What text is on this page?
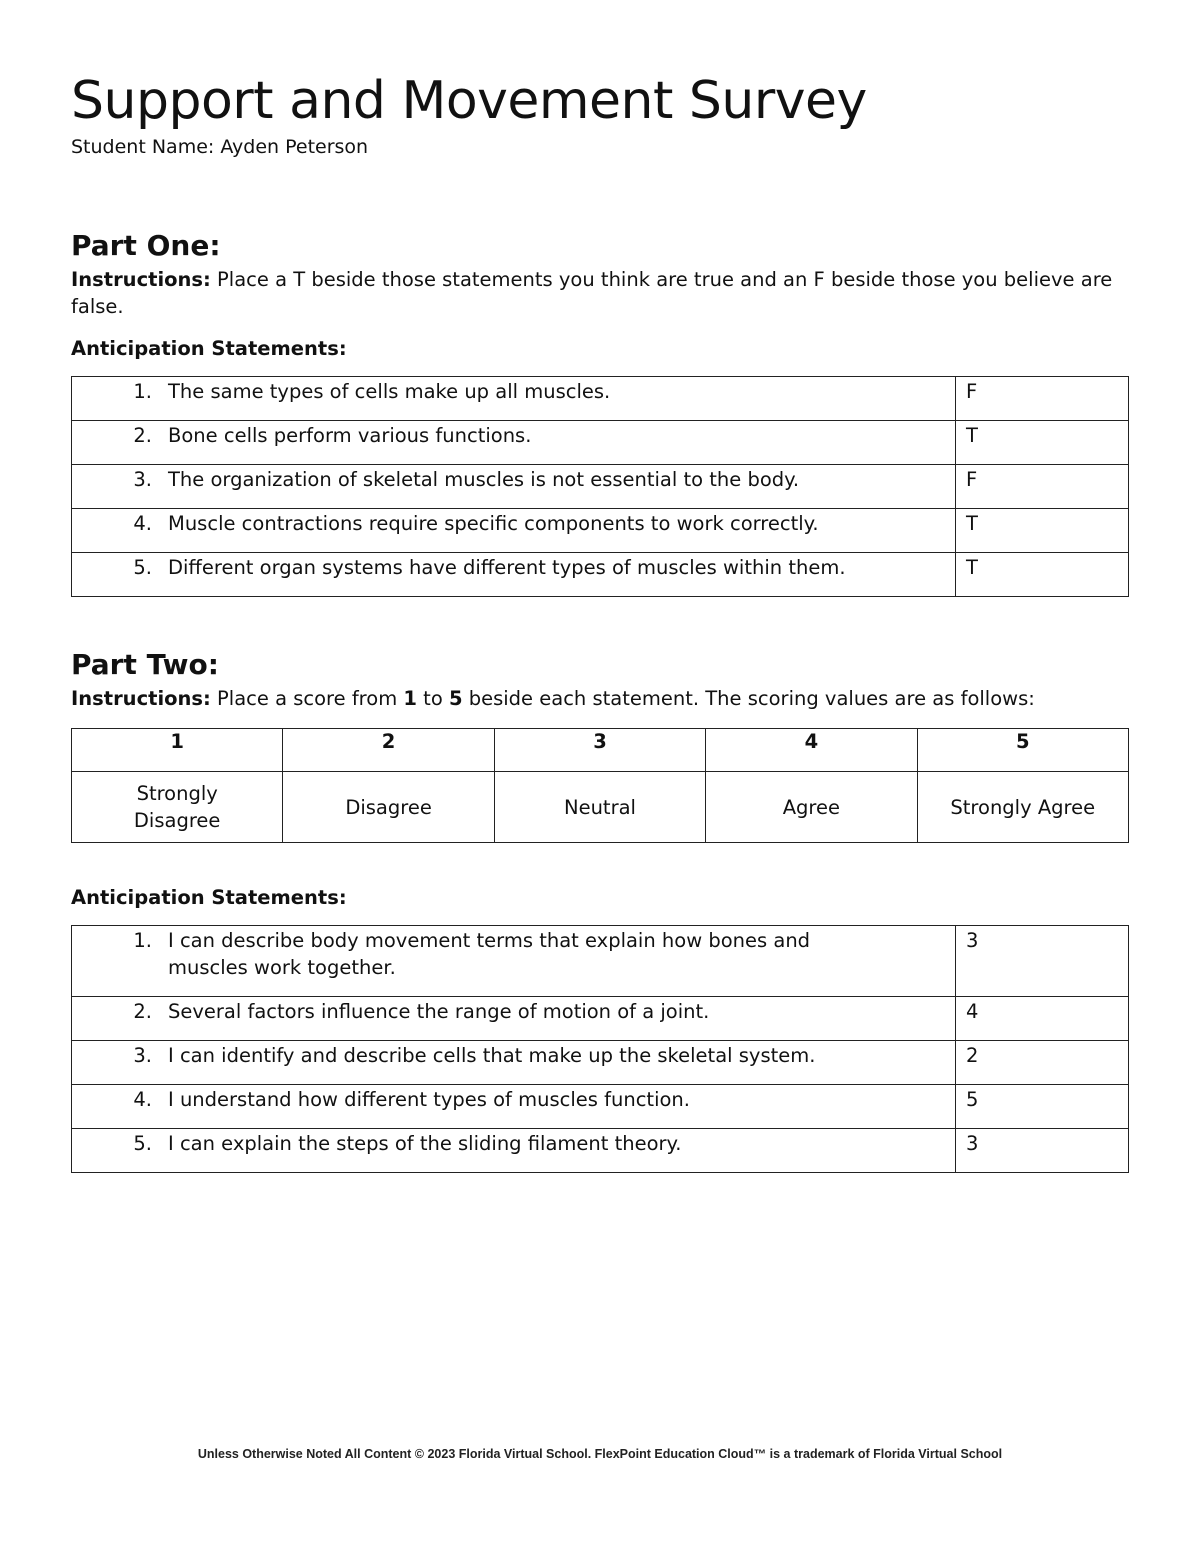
Support and Movement Survey
Student Name: Ayden Peterson
Part One:

Instructions: Place a T beside those statements you think are true and an F beside those you believe are false.

Anticipation Statements:

1. The same types of cells make up all muscles.	F

2. Bone cells perform various functions.	T

3. The organization of skeletal muscles is not essential to the body.	F

4. Muscle contractions require specific components to work correctly.	T

5. Different organ systems have different types of muscles within them.	T
Part Two:

Instructions: Place a score from 1 to 5 beside each statement. The scoring values are as follows:

1	2	3	4	5

Strongly Disagree	Disagree	Neutral	Agree	Strongly Agree

Anticipation Statements:

1. I can describe body movement terms that explain how bones and muscles work together.	3

2. Several factors influence the range of motion of a joint.	4

3. I can identify and describe cells that make up the skeletal system.	2

4. I understand how different types of muscles function.	5

5. I can explain the steps of the sliding filament theory.	3
Unless Otherwise Noted All Content © 2023 Florida Virtual School. FlexPoint Education Cloud™ is a trademark of Florida Virtual School
